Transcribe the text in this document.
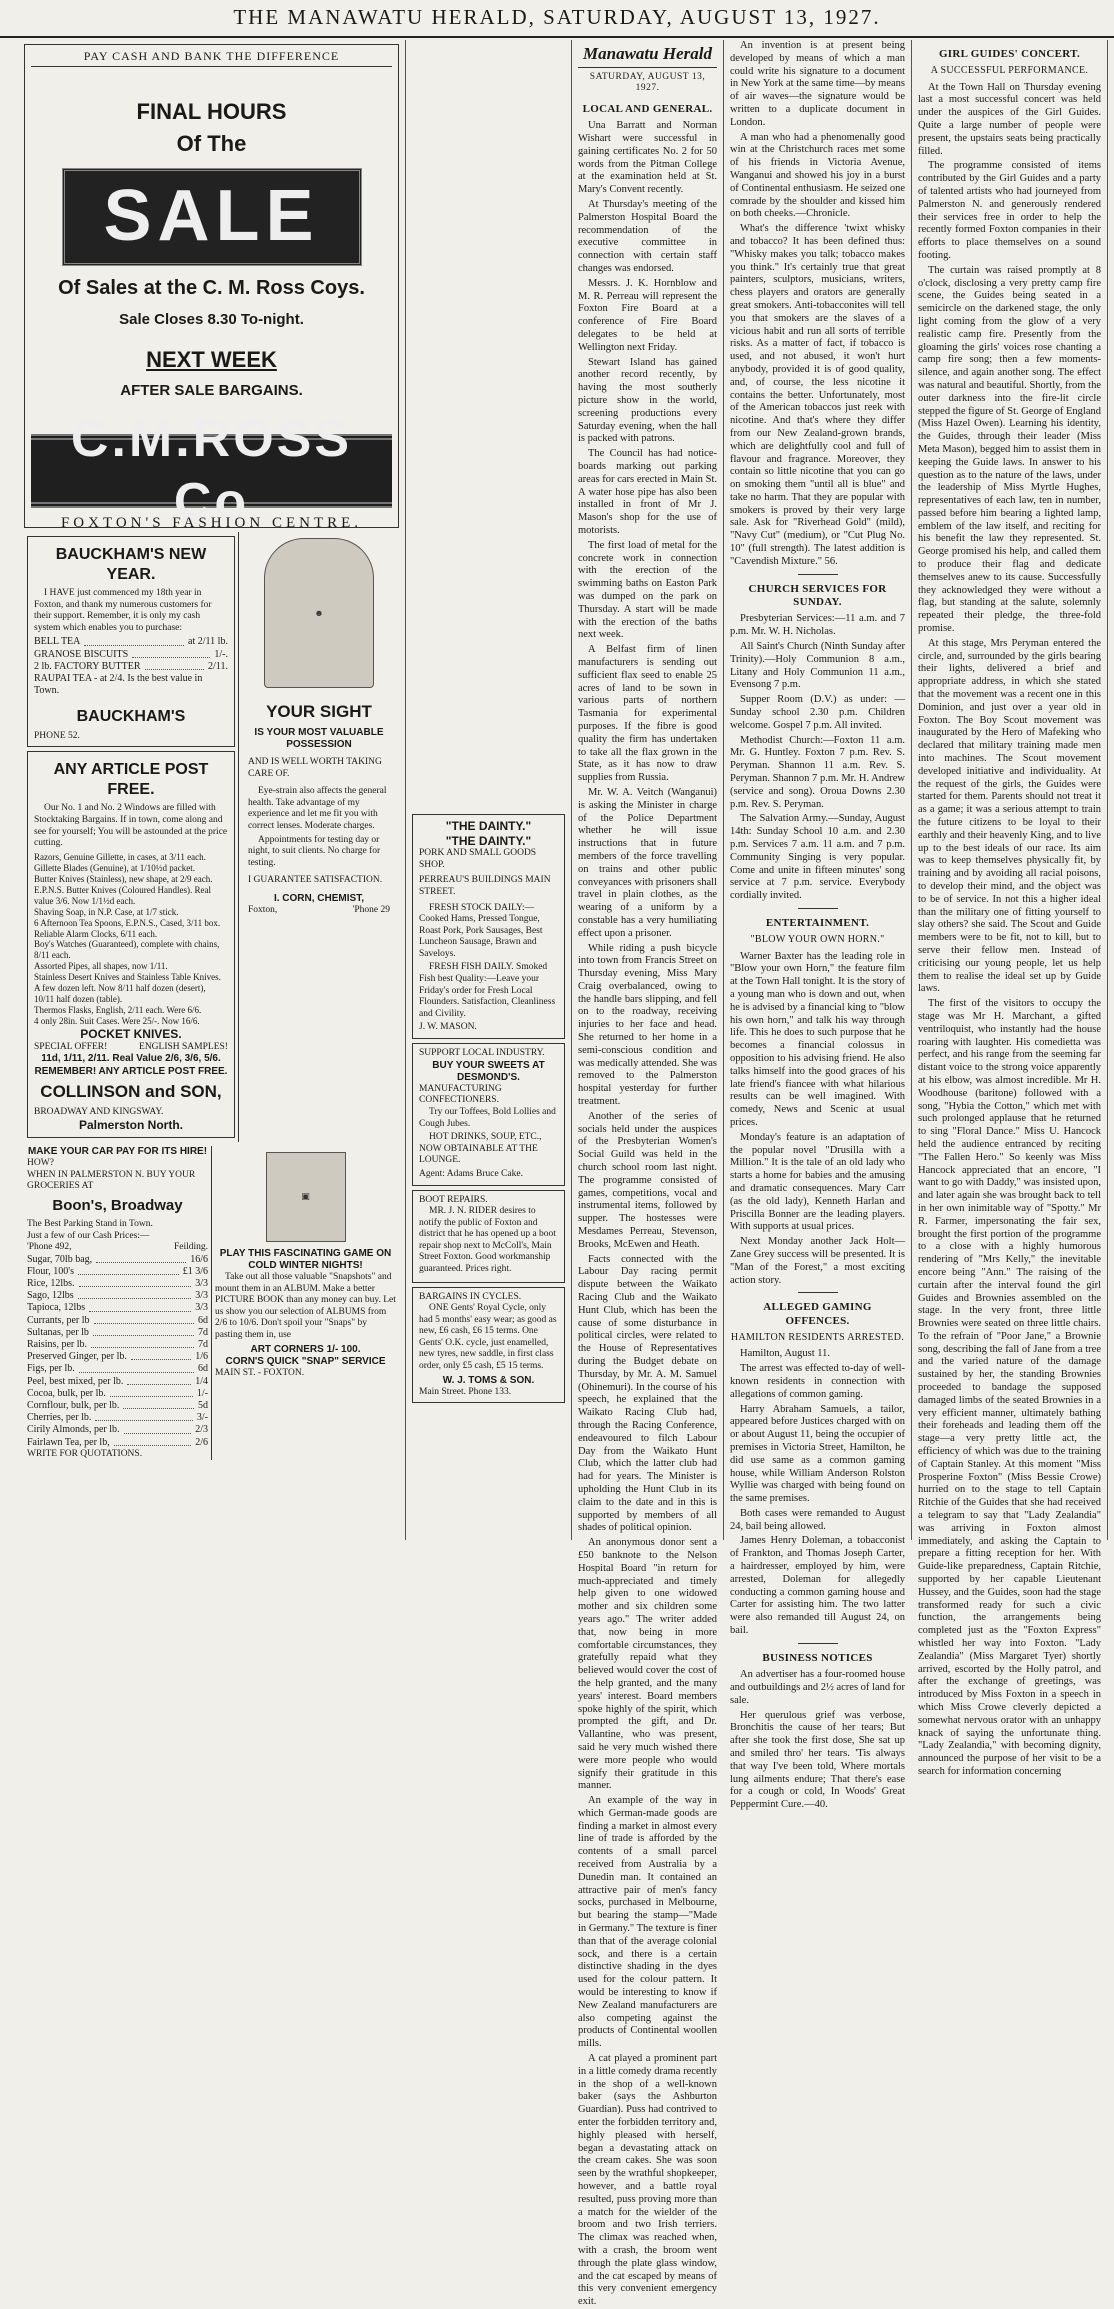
THE MANAWATU HERALD, SATURDAY, AUGUST 13, 1927.
PAY CASH AND BANK THE DIFFERENCE
FINAL HOURS
Of The
SALE
Of Sales at the C. M. Ross Coys.
Sale Closes 8.30 To-night.
NEXT WEEK
AFTER SALE BARGAINS.
C.M.ROSS Co
FOXTON'S FASHION CENTRE.
BAUCKHAM'S NEW YEAR.

I HAVE just commenced my 18th year in Foxton, and thank my numerous customers for their support. Remember, it is only my cash system which enables you to purchase:

BELL TEA	at 2/11 lb.
GRANOSE BISCUITS	1/-.
2 lb. FACTORY BUTTER	2/11.
RAUPAI TEA - at 2/4. Is the best value in Town.
BAUCKHAM'S
PHONE 52.
ANY ARTICLE POST FREE.

Our No. 1 and No. 2 Windows are filled with Stocktaking Bargains. If in town, come along and see for yourself; You will be astounded at the price cutting.

Razors, Genuine Gillette, in cases, at 3/11 each.
Gillette Blades (Genuine), at 1/10½d packet.
Butter Knives (Stainless), new shape, at 2/9 each.
E.P.N.S. Butter Knives (Coloured Handles). Real value 3/6. Now 1/1½d each.
Shaving Soap, in N.P. Case, at 1/7 stick.
6 Afternoon Tea Spoons, E.P.N.S., Cased, 3/11 box.
Reliable Alarm Clocks, 6/11 each.
Boy's Watches (Guaranteed), complete with chains, 8/11 each.
Assorted Pipes, all shapes, now 1/11.
Stainless Desert Knives and Stainless Table Knives. A few dozen left. Now 8/11 half dozen (desert), 10/11 half dozen (table).
Thermos Flasks, English, 2/11 each. Were 6/6.
4 only 28in. Suit Cases. Were 25/-. Now 16/6.
POCKET KNIVES.
SPECIAL OFFER!	ENGLISH SAMPLES!
11d, 1/11, 2/11. Real Value 2/6, 3/6, 5/6.
REMEMBER! ANY ARTICLE POST FREE.
COLLINSON and SON,
BROADWAY AND KINGSWAY.
Palmerston North.
☻
YOUR SIGHT
IS YOUR MOST VALUABLE POSSESSION
AND IS WELL WORTH TAKING CARE OF.

Eye-strain also affects the general health. Take advantage of my experience and let me fit you with correct lenses. Moderate charges.

Appointments for testing day or night, to suit clients. No charge for testing.

I GUARANTEE SATISFACTION.
I. CORN, CHEMIST,
Foxton,	'Phone 29
MAKE YOUR CAR PAY FOR ITS HIRE!
HOW?
WHEN IN PALMERSTON N. BUY YOUR GROCERIES AT
Boon's, Broadway
The Best Parking Stand in Town.
Just a few of our Cash Prices:—
'Phone 492,	Feilding.
Sugar, 70lb bag,	16/6
Flour, 100's	£1 3/6
Rice, 12lbs.	3/3
Sago, 12lbs	3/3
Tapioca, 12lbs	3/3
Currants, per lb	6d
Sultanas, per lb	7d
Raisins, per lb.	7d
Preserved Ginger, per lb.	1/6
Figs, per lb.	6d
Peel, best mixed, per lb.	1/4
Cocoa, bulk, per lb.	1/-
Cornflour, bulk, per lb.	5d
Cherries, per lb.	3/-
Cirily Almonds, per lb.	2/3
Fairlawn Tea, per lb,	2/6
WRITE FOR QUOTATIONS.
▣
PLAY THIS FASCINATING GAME ON COLD WINTER NIGHTS!

Take out all those valuable "Snapshots" and mount them in an ALBUM. Make a better PICTURE BOOK than any money can buy. Let us show you our selection of ALBUMS from 2/6 to 10/6. Don't spoil your "Snaps" by pasting them in, use

ART CORNERS 1/- 100.
CORN'S QUICK "SNAP" SERVICE
MAIN ST. - FOXTON.
"THE DAINTY."
"THE DAINTY."
PORK AND SMALL GOODS SHOP.
PERREAU'S BUILDINGS MAIN STREET.

FRESH STOCK DAILY:—Cooked Hams, Pressed Tongue, Roast Pork, Pork Sausages, Best Luncheon Sausage, Brawn and Saveloys.

FRESH FISH DAILY. Smoked Fish best Quality:—Leave your Friday's order for Fresh Local Flounders. Satisfaction, Cleanliness and Civility.

J. W. MASON.
SUPPORT LOCAL INDUSTRY.
BUY YOUR SWEETS AT DESMOND'S.
MANUFACTURING CONFECTIONERS.

Try our Toffees, Bold Lollies and Cough Jubes.

HOT DRINKS, SOUP, ETC., NOW OBTAINABLE AT THE LOUNGE.

Agent: Adams Bruce Cake.
BOOT REPAIRS.

MR. J. N. RIDER desires to notify the public of Foxton and district that he has opened up a boot repair shop next to McColl's, Main Street Foxton. Good workmanship guaranteed. Prices right.

BARGAINS IN CYCLES.

ONE Gents' Royal Cycle, only had 5 months' easy wear; as good as new, £6 cash, £6 15 terms. One Gents' O.K. cycle, just enamelled, new tyres, new saddle, in first class order, only £5 cash, £5 15 terms.

W. J. TOMS & SON.
Main Street. Phone 133.
Manawatu Herald
SATURDAY, AUGUST 13, 1927.
LOCAL AND GENERAL.

Una Barratt and Norman Wishart were successful in gaining certificates No. 2 for 50 words from the Pitman College at the examination held at St. Mary's Convent recently.

At Thursday's meeting of the Palmerston Hospital Board the recommendation of the executive committee in connection with certain staff changes was endorsed.

Messrs. J. K. Hornblow and M. R. Perreau will represent the Foxton Fire Board at a conference of Fire Board delegates to be held at Wellington next Friday.

Stewart Island has gained another record recently, by having the most southerly picture show in the world, screening productions every Saturday evening, when the hall is packed with patrons.

The Council has had notice-boards marking out parking areas for cars erected in Main St. A water hose pipe has also been installed in front of Mr J. Mason's shop for the use of motorists.

The first load of metal for the concrete work in connection with the erection of the swimming baths on Easton Park was dumped on the park on Thursday. A start will be made with the erection of the baths next week.

A Belfast firm of linen manufacturers is sending out sufficient flax seed to enable 25 acres of land to be sown in various parts of northern Tasmania for experimental purposes. If the fibre is good quality the firm has undertaken to take all the flax grown in the State, as it has now to draw supplies from Russia.

Mr. W. A. Veitch (Wanganui) is asking the Minister in charge of the Police Department whether he will issue instructions that in future members of the force travelling on trains and other public conveyances with prisoners shall travel in plain clothes, as the wearing of a uniform by a constable has a very humiliating effect upon a prisoner.

While riding a push bicycle into town from Francis Street on Thursday evening, Miss Mary Craig overbalanced, owing to the handle bars slipping, and fell on to the roadway, receiving injuries to her face and head. She returned to her home in a semi-conscious condition and was medically attended. She was removed to the Palmerston hospital yesterday for further treatment.

Another of the series of socials held under the auspices of the Presbyterian Women's Social Guild was held in the church school room last night. The programme consisted of games, competitions, vocal and instrumental items, followed by supper. The hostesses were Mesdames Perreau, Stevenson, Brooks, McEwen and Heath.

Facts connected with the Labour Day racing permit dispute between the Waikato Racing Club and the Waikato Hunt Club, which has been the cause of some disturbance in political circles, were related to the House of Representatives during the Budget debate on Thursday, by Mr. A. M. Samuel (Ohinemuri). In the course of his speech, he explained that the Waikato Racing Club had, through the Racing Conference, endeavoured to filch Labour Day from the Waikato Hunt Club, which the latter club had had for years. The Minister is upholding the Hunt Club in its claim to the date and in this is supported by members of all shades of political opinion.

An anonymous donor sent a £50 banknote to the Nelson Hospital Board "in return for much-appreciated and timely help given to one widowed mother and six children some years ago." The writer added that, now being in more comfortable circumstances, they gratefully repaid what they believed would cover the cost of the help granted, and the many years' interest. Board members spoke highly of the spirit, which prompted the gift, and Dr. Vallantine, who was present, said he very much wished there were more people who would signify their gratitude in this manner.

An example of the way in which German-made goods are finding a market in almost every line of trade is afforded by the contents of a small parcel received from Australia by a Dunedin man. It contained an attractive pair of men's fancy socks, purchased in Melbourne, but bearing the stamp—"Made in Germany." The texture is finer than that of the average colonial sock, and there is a certain distinctive shading in the dyes used for the colour pattern. It would be interesting to know if New Zealand manufacturers are also competing against the products of Continental woollen mills.

A cat played a prominent part in a little comedy drama recently in the shop of a well-known baker (says the Ashburton Guardian). Puss had contrived to enter the forbidden territory and, highly pleased with herself, began a devastating attack on the cream cakes. She was soon seen by the wrathful shopkeeper, however, and a battle royal resulted, puss proving more than a match for the wielder of the broom and two Irish terriers. The climax was reached when, with a crash, the broom went through the plate glass window, and the cat escaped by means of this very convenient emergency exit.

An invention is at present being developed by means of which a man could write his signature to a document in New York at the same time—by means of air waves—the signature would be written to a duplicate document in London.

A man who had a phenomenally good win at the Christchurch races met some of his friends in Victoria Avenue, Wanganui and showed his joy in a burst of Continental enthusiasm. He seized one comrade by the shoulder and kissed him on both cheeks.—Chronicle.

What's the difference 'twixt whisky and tobacco? It has been defined thus: "Whisky makes you talk; tobacco makes you think." It's certainly true that great painters, sculptors, musicians, writers, chess players and orators are generally great smokers. Anti-tobacconites will tell you that smokers are the slaves of a vicious habit and run all sorts of terrible risks. As a matter of fact, if tobacco is used, and not abused, it won't hurt anybody, provided it is of good quality, and, of course, the less nicotine it contains the better. Unfortunately, most of the American tobaccos just reek with nicotine. And that's where they differ from our New Zealand-grown brands, which are delightfully cool and full of flavour and fragrance. Moreover, they contain so little nicotine that you can go on smoking them "until all is blue" and take no harm. That they are popular with smokers is proved by their very large sale. Ask for "Riverhead Gold" (mild), "Navy Cut" (medium), or "Cut Plug No. 10" (full strength). The latest addition is "Cavendish Mixture." 56.

CHURCH SERVICES FOR SUNDAY.

Presbyterian Services:—11 a.m. and 7 p.m. Mr. W. H. Nicholas.

All Saint's Church (Ninth Sunday after Trinity).—Holy Communion 8 a.m., Litany and Holy Communion 11 a.m., Evensong 7 p.m.

Supper Room (D.V.) as under: —Sunday school 2.30 p.m. Children welcome. Gospel 7 p.m. All invited.

Methodist Church:—Foxton 11 a.m. Mr. G. Huntley. Foxton 7 p.m. Rev. S. Peryman. Shannon 11 a.m. Rev. S. Peryman. Shannon 7 p.m. Mr. H. Andrew (service and song). Oroua Downs 2.30 p.m. Rev. S. Peryman.

The Salvation Army.—Sunday, August 14th: Sunday School 10 a.m. and 2.30 p.m. Services 7 a.m. 11 a.m. and 7 p.m. Community Singing is very popular. Come and unite in fifteen minutes' song service at 7 p.m. service. Everybody cordially invited.

ENTERTAINMENT.
"BLOW YOUR OWN HORN."

Warner Baxter has the leading role in "Blow your own Horn," the feature film at the Town Hall tonight. It is the story of a young man who is down and out, when he is advised by a financial king to "blow his own horn," and talk his way through life. This he does to such purpose that he becomes a financial colossus in opposition to his advising friend. He also talks himself into the good graces of his late friend's fiancee with what hilarious results can be well imagined. With comedy, News and Scenic at usual prices.

Monday's feature is an adaptation of the popular novel "Drusilla with a Million." It is the tale of an old lady who starts a home for babies and the amusing and dramatic consequences. Mary Carr (as the old lady), Kenneth Harlan and Priscilla Bonner are the leading players. With supports at usual prices.

Next Monday another Jack Holt—Zane Grey success will be presented. It is "Man of the Forest," a most exciting action story.

ALLEGED GAMING OFFENCES.
HAMILTON RESIDENTS ARRESTED.

Hamilton, August 11.

The arrest was effected to-day of well-known residents in connection with allegations of common gaming.

Harry Abraham Samuels, a tailor, appeared before Justices charged with on or about August 11, being the occupier of premises in Victoria Street, Hamilton, he did use same as a common gaming house, while William Anderson Rolston Wyllie was charged with being found on the same premises.

Both cases were remanded to August 24, bail being allowed.

James Henry Doleman, a tobacconist of Frankton, and Thomas Joseph Carter, a hairdresser, employed by him, were arrested, Doleman for allegedly conducting a common gaming house and Carter for assisting him. The two latter were also remanded till August 24, on bail.

BUSINESS NOTICES

An advertiser has a four-roomed house and outbuildings and 2½ acres of land for sale.

Her querulous grief was verbose, Bronchitis the cause of her tears; But after she took the first dose, She sat up and smiled thro' her tears. 'Tis always that way I've been told, Where mortals lung ailments endure; That there's ease for a cough or cold, In Woods' Great Peppermint Cure.—40.

GIRL GUIDES' CONCERT.
A SUCCESSFUL PERFORMANCE.

At the Town Hall on Thursday evening last a most successful concert was held under the auspices of the Girl Guides. Quite a large number of people were present, the upstairs seats being practically filled.

The programme consisted of items contributed by the Girl Guides and a party of talented artists who had journeyed from Palmerston N. and generously rendered their services free in order to help the recently formed Foxton companies in their efforts to place themselves on a sound footing.

The curtain was raised promptly at 8 o'clock, disclosing a very pretty camp fire scene, the Guides being seated in a semicircle on the darkened stage, the only light coming from the glow of a very realistic camp fire. Presently from the gloaming the girls' voices rose chanting a camp fire song; then a few moments-silence, and again another song. The effect was natural and beautiful. Shortly, from the outer darkness into the fire-lit circle stepped the figure of St. George of England (Miss Hazel Owen). Learning his identity, the Guides, through their leader (Miss Meta Mason), begged him to assist them in keeping the Guide laws. In answer to his question as to the nature of the laws, under the leadership of Miss Myrtle Hughes, representatives of each law, ten in number, passed before him bearing a lighted lamp, emblem of the law itself, and reciting for his benefit the law they represented. St. George promised his help, and called them to produce their flag and dedicate themselves anew to its cause. Successfully they acknowledged they were without a flag, but standing at the salute, solemnly repeated their pledge, the three-fold promise.

At this stage, Mrs Peryman entered the circle, and, surrounded by the girls bearing their lights, delivered a brief and appropriate address, in which she stated that the movement was a recent one in this Dominion, and just over a year old in Foxton. The Boy Scout movement was inaugurated by the Hero of Mafeking who declared that military training made men into machines. The Scout movement developed initiative and individuality. At the request of the girls, the Guides were started for them. Parents should not treat it as a game; it was a serious attempt to train the future citizens to be loyal to their earthly and their heavenly King, and to live up to the best ideals of our race. Its aim was to keep themselves physically fit, by training and by avoiding all racial poisons, to develop their mind, and the object was to be of service. In not this a higher ideal than the military one of fitting yourself to slay others? she said. The Scout and Guide members were to be fit, not to kill, but to serve their fellow men. Instead of criticising our young people, let us help them to realise the ideal set up by Guide laws.

The first of the visitors to occupy the stage was Mr H. Marchant, a gifted ventriloquist, who instantly had the house roaring with laughter. His comedietta was perfect, and his range from the seeming far distant voice to the strong voice apparently at his elbow, was almost incredible. Mr H. Woodhouse (baritone) followed with a song, "Hybia the Cotton," which met with such prolonged applause that he returned to sing "Floral Dance." Miss U. Hancock held the audience entranced by reciting "The Fallen Hero." So keenly was Miss Hancock appreciated that an encore, "I want to go with Daddy," was insisted upon, and later again she was brought back to tell in her own inimitable way of "Spotty." Mr R. Farmer, impersonating the fair sex, brought the first portion of the programme to a close with a highly humorous rendering of "Mrs Kelly," the inevitable encore being "Ann." The raising of the curtain after the interval found the girl Guides and Brownies assembled on the stage. In the very front, three little Brownies were seated on three little chairs. To the refrain of "Poor Jane," a Brownie song, describing the fall of Jane from a tree and the varied nature of the damage sustained by her, the standing Brownies proceeded to bandage the supposed damaged limbs of the seated Brownies in a very efficient manner, ultimately bathing their foreheads and leading them off the stage—a very pretty little act, the efficiency of which was due to the training of Captain Stanley. At this moment "Miss Prosperine Foxton" (Miss Bessie Crowe) hurried on to the stage to tell Captain Ritchie of the Guides that she had received a telegram to say that "Lady Zealandia" was arriving in Foxton almost immediately, and asking the Captain to prepare a fitting reception for her. With Guide-like preparedness, Captain Ritchie, supported by her capable Lieutenant Hussey, and the Guides, soon had the stage transformed ready for such a civic function, the arrangements being completed just as the "Foxton Express" whistled her way into Foxton. "Lady Zealandia" (Miss Margaret Tyer) shortly arrived, escorted by the Holly patrol, and after the exchange of greetings, was introduced by Miss Foxton in a speech in which Miss Crowe cleverly depicted a somewhat nervous orator with an unhappy knack of saying the unfortunate thing. "Lady Zealandia," with becoming dignity, announced the purpose of her visit to be a search for information concerning
